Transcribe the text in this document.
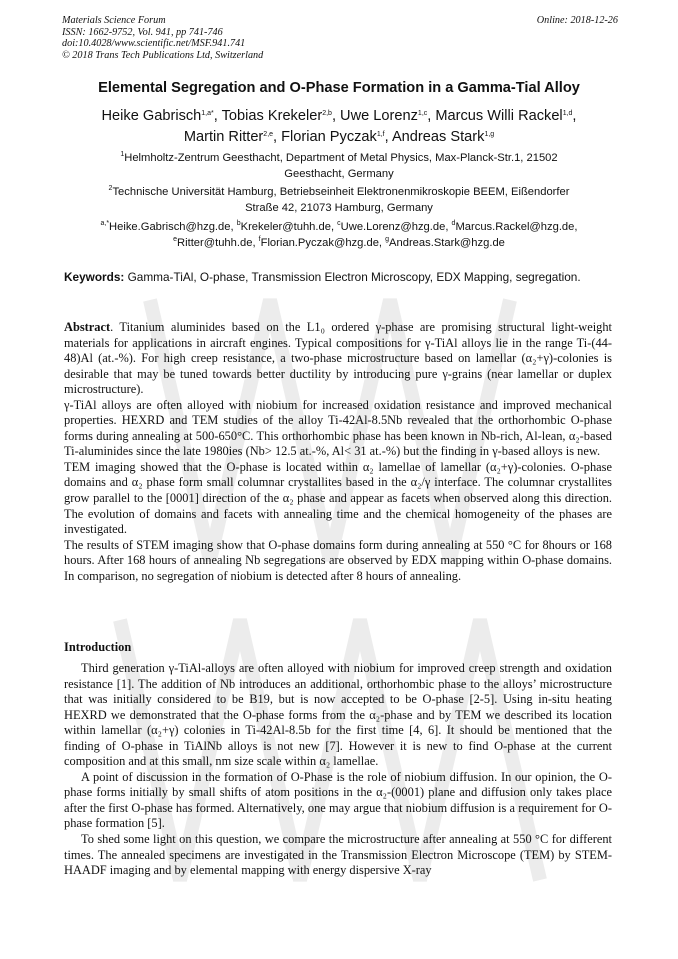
Materials Science Forum
ISSN: 1662-9752, Vol. 941, pp 741-746
doi:10.4028/www.scientific.net/MSF.941.741
© 2018 Trans Tech Publications Ltd, Switzerland
Online: 2018-12-26
Elemental Segregation and O-Phase Formation in a Gamma-Tial Alloy
Heike Gabrisch$^{1,a*}$, Tobias Krekeler$^{2,b}$, Uwe Lorenz$^{1,c}$, Marcus Willi Rackel$^{1,d}$,
Martin Ritter$^{2,e}$, Florian Pyczak$^{1,f}$, Andreas Stark$^{1,g}$
$^1$Helmholtz-Zentrum Geesthacht, Department of Metal Physics, Max-Planck-Str.1, 21502
Geesthacht, Germany
$^2$Technische Universität Hamburg, Betriebseinheit Elektronenmikroskopie BEEM, Eißendorfer
Straße 42, 21073 Hamburg, Germany
$^{a,*}$Heike.Gabrisch@hzg.de, $^b$Krekeler@tuhh.de, $^c$Uwe.Lorenz@hzg.de, $^d$Marcus.Rackel@hzg.de,
$^e$Ritter@tuhh.de, $^f$Florian.Pyczak@hzg.de, $^g$Andreas.Stark@hzg.de
Keywords: Gamma-TiAl, O-phase, Transmission Electron Microscopy, EDX Mapping, segregation.

Abstract. Titanium aluminides based on the L1₀ ordered γ-phase are promising structural light-weight materials for applications in aircraft engines. Typical compositions for γ-TiAl alloys lie in the range Ti-(44-48)Al (at.-%). For high creep resistance, a two-phase microstructure based on lamellar (α₂+γ)-colonies is desirable that may be tuned towards better ductility by introducing pure γ-grains (near lamellar or duplex microstructure).

γ-TiAl alloys are often alloyed with niobium for increased oxidation resistance and improved mechanical properties. HEXRD and TEM studies of the alloy Ti-42Al-8.5Nb revealed that the orthorhombic O-phase forms during annealing at 500-650°C. This orthorhombic phase has been known in Nb-rich, Al-lean, α₂-based Ti-aluminides since the late 1980ies (Nb> 12.5 at.-%, Al< 31 at.-%) but the finding in γ-based alloys is new.

TEM imaging showed that the O-phase is located within α₂ lamellae of lamellar (α₂+γ)-colonies. O-phase domains and α₂ phase form small columnar crystallites based in the α₂/γ interface. The columnar crystallites grow parallel to the [0001] direction of the α₂ phase and appear as facets when observed along this direction. The evolution of domains and facets with annealing time and the chemical homogeneity of the phases are investigated.

The results of STEM imaging show that O-phase domains form during annealing at 550 °C for 8hours or 168 hours. After 168 hours of annealing Nb segregations are observed by EDX mapping within O-phase domains. In comparison, no segregation of niobium is detected after 8 hours of annealing.

Introduction

Third generation γ-TiAl-alloys are often alloyed with niobium for improved creep strength and oxidation resistance [1]. The addition of Nb introduces an additional, orthorhombic phase to the alloys’ microstructure that was initially considered to be B19, but is now accepted to be O-phase [2-5]. Using in-situ heating HEXRD we demonstrated that the O-phase forms from the α₂-phase and by TEM we described its location within lamellar (α₂+γ) colonies in Ti-42Al-8.5b for the first time [4, 6]. It should be mentioned that the finding of O-phase in TiAlNb alloys is not new [7]. However it is new to find O-phase at the current composition and at this small, nm size scale within α₂ lamellae.

A point of discussion in the formation of O-Phase is the role of niobium diffusion. In our opinion, the O-phase forms initially by small shifts of atom positions in the α₂-(0001) plane and diffusion only takes place after the first O-phase has formed. Alternatively, one may argue that niobium diffusion is a requirement for O-phase formation [5].

To shed some light on this question, we compare the microstructure after annealing at 550 °C for different times. The annealed specimens are investigated in the Transmission Electron Microscope (TEM) by STEM-HAADF imaging and by elemental mapping with energy dispersive X-ray
